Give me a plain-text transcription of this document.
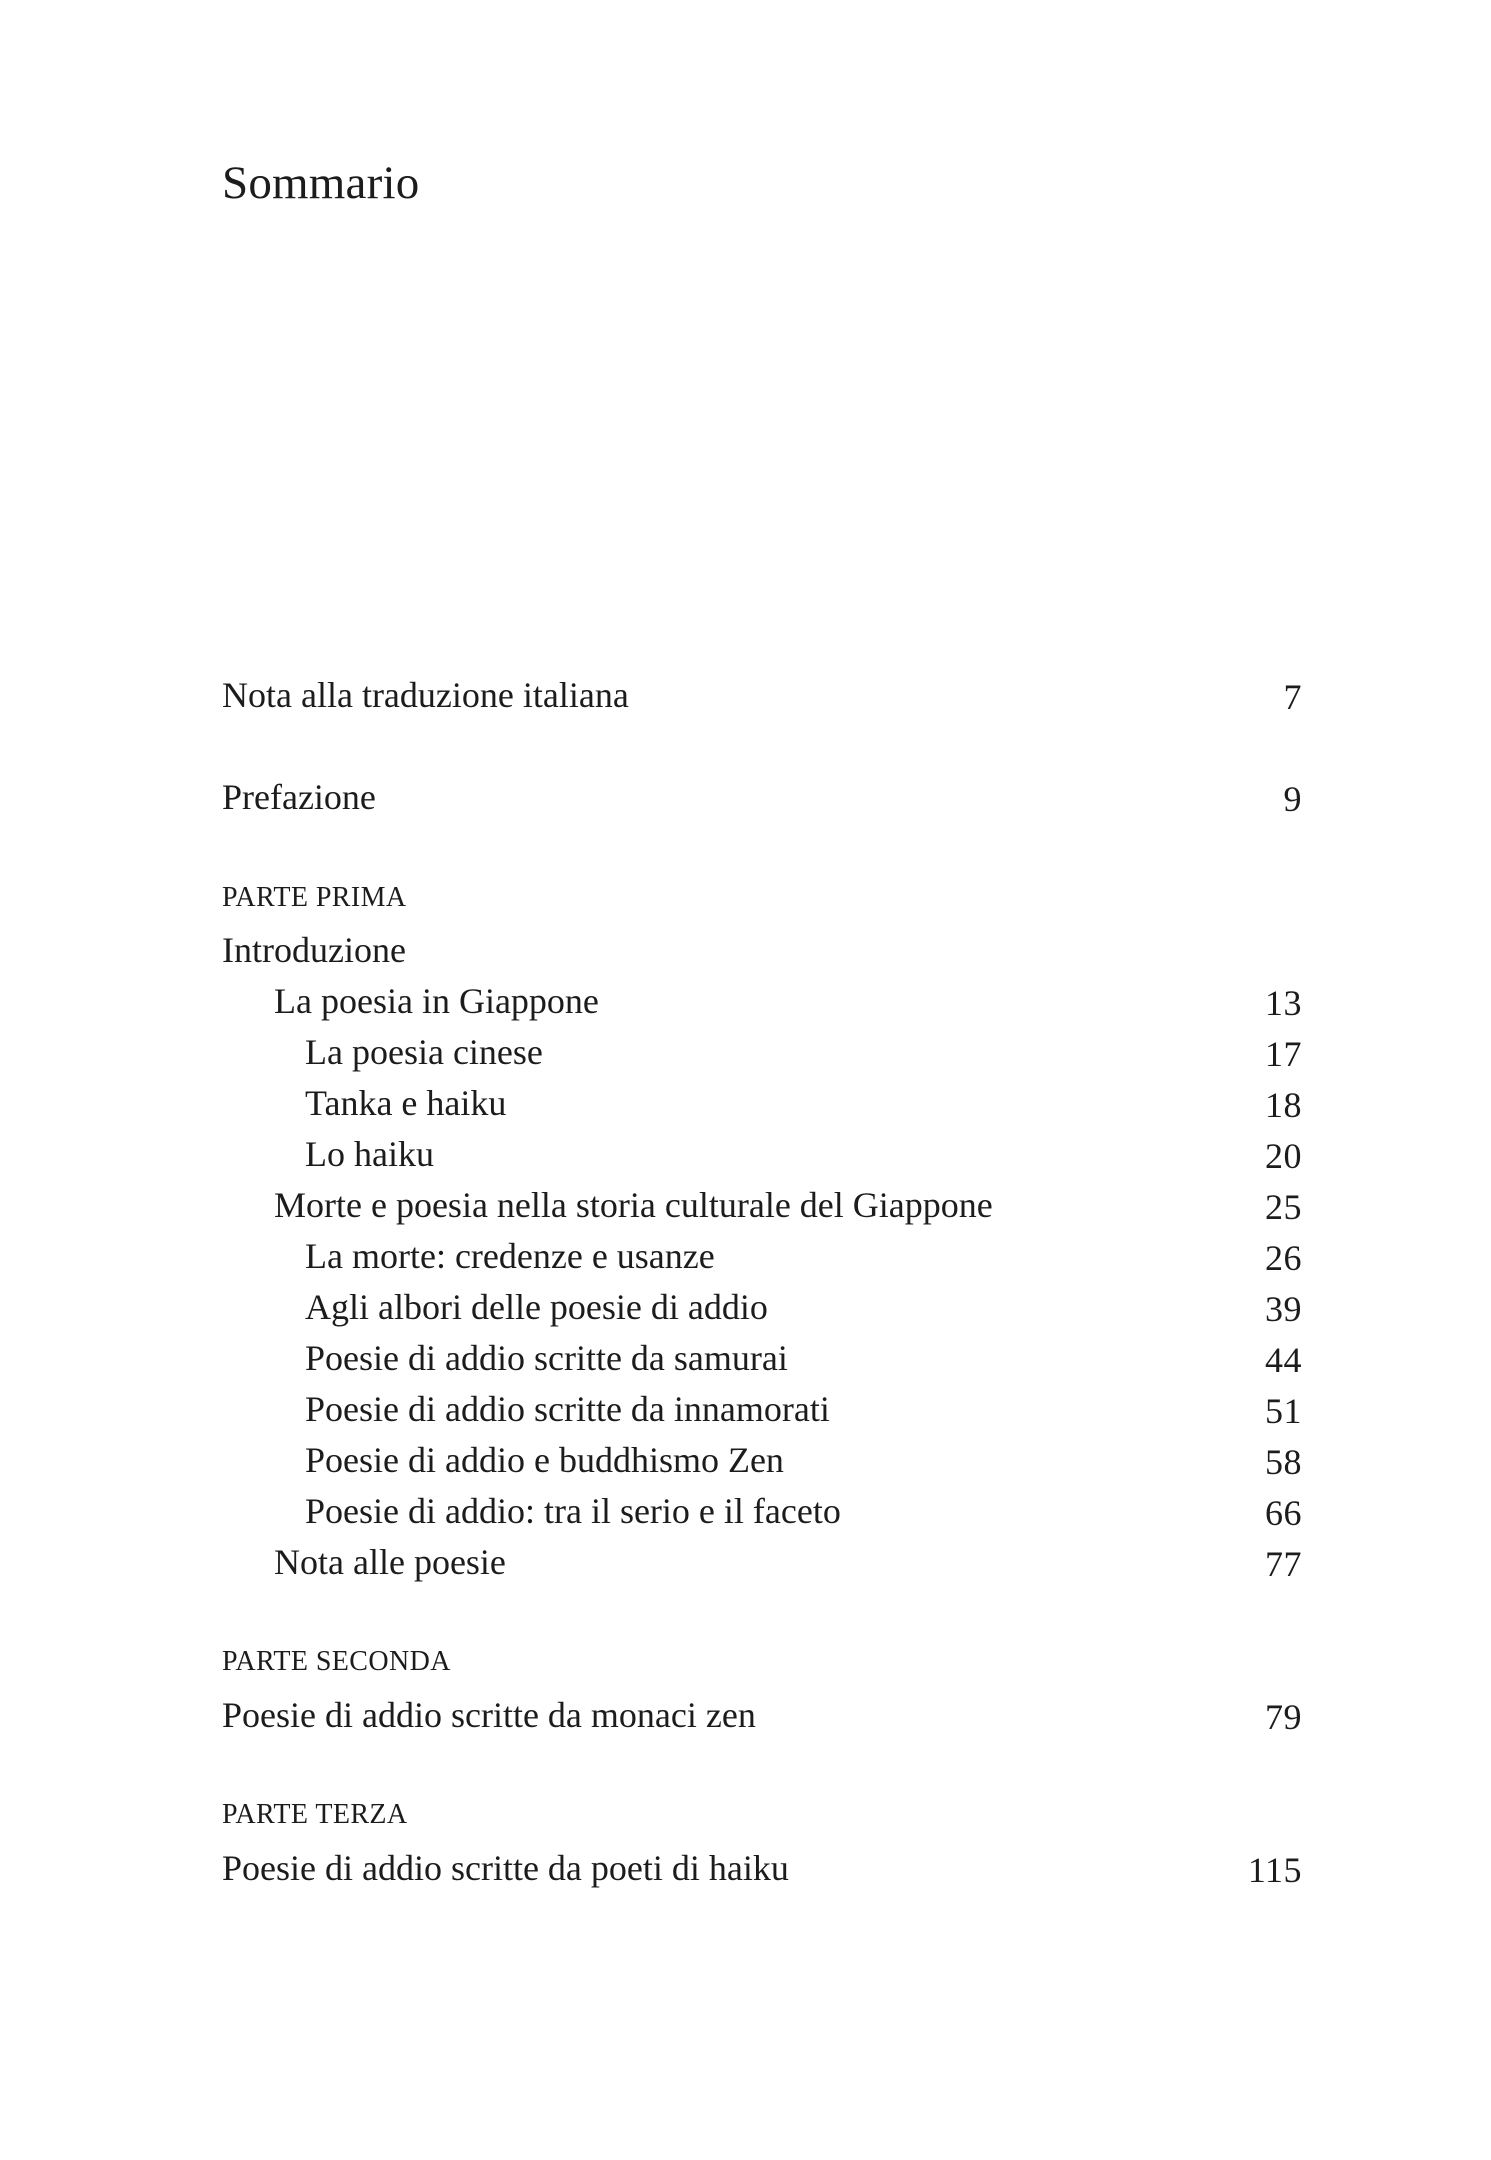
Sommario
Nota alla traduzione italiana	7
Prefazione	9
PARTE PRIMA
Introduzione
La poesia in Giappone	13
La poesia cinese	17
Tanka e haiku	18
Lo haiku	20
Morte e poesia nella storia culturale del Giappone	25
La morte: credenze e usanze	26
Agli albori delle poesie di addio	39
Poesie di addio scritte da samurai	44
Poesie di addio scritte da innamorati	51
Poesie di addio e buddhismo Zen	58
Poesie di addio: tra il serio e il faceto	66
Nota alle poesie	77
PARTE SECONDA
Poesie di addio scritte da monaci zen	79
PARTE TERZA
Poesie di addio scritte da poeti di haiku	115
